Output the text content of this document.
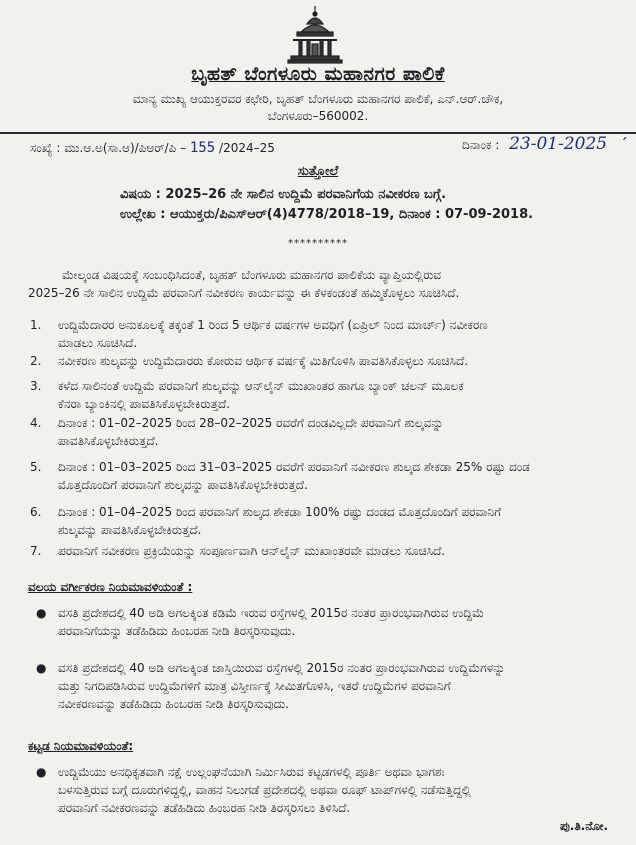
ಬೃಹತ್ ಬೆಂಗಳೂರು ಮಹಾನಗರ ಪಾಲಿಕೆ
ಮಾನ್ಯ ಮುಖ್ಯ ಆಯುಕ್ತರವರ ಕಛೇರಿ, ಬೃಹತ್ ಬೆಂಗಳೂರು ಮಹಾನಗರ ಪಾಲಿಕೆ, ಎನ್.ಆರ್.ಚೌಕ,
ಬೆಂಗಳೂರು–560002.
ಸಂಖ್ಯೆ : ಮು.ಆ.ಅ(ಸಾ.ಆ)/ಪಿಆರ್/ಪಿ – 155 /2024–25	ದಿನಾಂಕ : 23-01-2025 ˊ
ಸುತ್ತೋಲೆ
ವಿಷಯ : 2025–26 ನೇ ಸಾಲಿನ ಉದ್ದಿಮೆ ಪರವಾನಿಗೆಯ ನವೀಕರಣ ಬಗ್ಗೆ.
ಉಲ್ಲೇಖ : ಆಯುಕ್ತರು/ಪಿಎಸ್ಆರ್(4)4778/2018–19, ದಿನಾಂಕ : 07-09-2018.
**********
ಮೇಲ್ಕಂಡ ವಿಷಯಕ್ಕೆ ಸಂಬಂಧಿಸಿದಂತೆ, ಬೃಹತ್ ಬೆಂಗಳೂರು ಮಹಾನಗರ ಪಾಲಿಕೆಯ ವ್ಯಾಪ್ತಿಯಲ್ಲಿರುವ
2025–26 ನೇ ಸಾಲಿನ ಉದ್ದಿಮೆ ಪರವಾನಿಗೆ ನವೀಕರಣ ಕಾರ್ಯವನ್ನು ಈ ಕೆಳಕಂಡಂತೆ ಹಮ್ಮಿಕೊಳ್ಳಲು ಸೂಚಿಸಿದೆ.
1. ಉದ್ದಿಮೆದಾರರ ಅನುಕೂಲಕ್ಕೆ ತಕ್ಕಂತೆ 1 ರಿಂದ 5 ಆರ್ಥಿಕ ವರ್ಷಗಳ ಅವಧಿಗೆ (ಏಪ್ರಿಲ್ ನಿಂದ ಮಾರ್ಚ್) ನವೀಕರಣ
ಮಾಡಲು ಸೂಚಿಸಿದೆ.
2. ನವೀಕರಣ ಶುಲ್ಕವನ್ನು ಉದ್ದಿಮೆದಾರರು ಕೋರುವ ಆರ್ಥಿಕ ವರ್ಷಕ್ಕೆ ಮಿತಿಗೊಳಿಸಿ ಪಾವತಿಸಿಕೊಳ್ಳಲು ಸೂಚಿಸಿದೆ.
3. ಕಳೆದ ಸಾಲಿನಂತೆ ಉದ್ದಿಮೆ ಪರವಾನಿಗೆ ಶುಲ್ಕವನ್ನು ಆನ್‌ಲೈನ್ ಮುಖಾಂತರ ಹಾಗೂ ಬ್ಯಾಂಕ್ ಚಲನ್ ಮೂಲಕ
ಕೆನರಾ ಬ್ಯಾಂಕಿನಲ್ಲಿ ಪಾವತಿಸಿಕೊಳ್ಳಬೇಕಿರುತ್ತದೆ.
4. ದಿನಾಂಕ : 01–02–2025 ರಿಂದ 28–02–2025 ರವರೆಗೆ ದಂಡವಿಲ್ಲದೇ ಪರವಾನಿಗೆ ಶುಲ್ಕವನ್ನು
ಪಾವತಿಸಿಕೊಳ್ಳಬೇಕಿರುತ್ತದೆ.
5. ದಿನಾಂಕ : 01–03–2025 ರಿಂದ 31–03–2025 ರವರೆಗೆ ಪರವಾನಿಗೆ ನವೀಕರಣ ಶುಲ್ಕದ ಶೇಕಡಾ 25% ರಷ್ಟು ದಂಡ
ಮೊತ್ತದೊಂದಿಗೆ ಪರವಾನಿಗೆ ಶುಲ್ಕವನ್ನು ಪಾವತಿಸಿಕೊಳ್ಳಬೇಕಿರುತ್ತದೆ.
6. ದಿನಾಂಕ : 01–04–2025 ರಿಂದ ಪರವಾನಿಗೆ ಶುಲ್ಕದ ಶೇಕಡಾ 100% ರಷ್ಟು ದಂಡದ ಮೊತ್ತದೊಂದಿಗೆ ಪರವಾನಿಗೆ
ಶುಲ್ಕವನ್ನು ಪಾವತಿಸಿಕೊಳ್ಳಬೇಕಿರುತ್ತದೆ.
7. ಪರವಾನಿಗೆ ನವೀಕರಣ ಪ್ರಕ್ರಿಯೆಯನ್ನು ಸಂಪೂರ್ಣವಾಗಿ ಆನ್‌ಲೈನ್ ಮುಖಾಂತರವೇ ಮಾಡಲು ಸೂಚಿಸಿದೆ.
ವಲಯ ವರ್ಗೀಕರಣ ನಿಯಮಾವಳಿಯಂತೆ :
● ವಸತಿ ಪ್ರದೇಶದಲ್ಲಿ 40 ಅಡಿ ಅಗಲಕ್ಕಿಂತ ಕಡಿಮೆ ಇರುವ ರಸ್ತೆಗಳಲ್ಲಿ 2015ರ ನಂತರ ಪ್ರಾರಂಭವಾಗಿರುವ ಉದ್ದಿಮೆ
ಪರವಾನಿಗೆಯನ್ನು ತಡೆಹಿಡಿದು ಹಿಂಬರಹ ನೀಡಿ ತಿರಸ್ಕರಿಸುವುದು.
● ವಸತಿ ಪ್ರದೇಶದಲ್ಲಿ 40 ಅಡಿ ಅಗಲಕ್ಕಿಂತ ಜಾಸ್ತಿಯಿರುವ ರಸ್ತೆಗಳಲ್ಲಿ 2015ರ ನಂತರ ಪ್ರಾರಂಭವಾಗಿರುವ ಉದ್ದಿಮೆಗಳನ್ನು
ಮತ್ತು ನಿಗದಿಪಡಿಸಿರುವ ಉದ್ದಿಮೆಗಳಿಗೆ ಮಾತ್ರ ವಿಸ್ತೀರ್ಣಕ್ಕೆ ಸೀಮಿತಗೊಳಿಸಿ, ಇತರೆ ಉದ್ದಿಮೆಗಳ ಪರವಾನಿಗೆ
ನವೀಕರಣವನ್ನು ತಡೆಹಿಡಿದು ಹಿಂಬರಹ ನೀಡಿ ತಿರಸ್ಕರಿಸುವುದು.
ಕಟ್ಟಡ ನಿಯಮಾವಳಿಯಂತೆ:
● ಉದ್ದಿಮೆಯು ಅನಧಿಕೃತವಾಗಿ ನಕ್ಷೆ ಉಲ್ಲಂಘನೆಯಾಗಿ ನಿರ್ಮಿಸಿರುವ ಕಟ್ಟಡಗಳಲ್ಲಿ ಪೂರ್ತಿ ಅಥವಾ ಭಾಗಶಃ
ಬಳಸುತ್ತಿರುವ ಬಗ್ಗೆ ದೂರುಗಳಿದ್ದಲ್ಲಿ, ವಾಹನ ನಿಲುಗಡೆ ಪ್ರದೇಶದಲ್ಲಿ ಅಥವಾ ರೂಫ್ ಟಾಪ್‌ಗಳಲ್ಲಿ ನಡೆಸುತ್ತಿದ್ದಲ್ಲಿ
ಪರವಾನಿಗೆ ನವೀಕರಣವನ್ನು ತಡೆಹಿಡಿದು ಹಿಂಬರಹ ನೀಡಿ ತಿರಸ್ಕರಿಸಲು ತಿಳಿಸಿದೆ.
ಪು.ತಿ.ನೋ.
